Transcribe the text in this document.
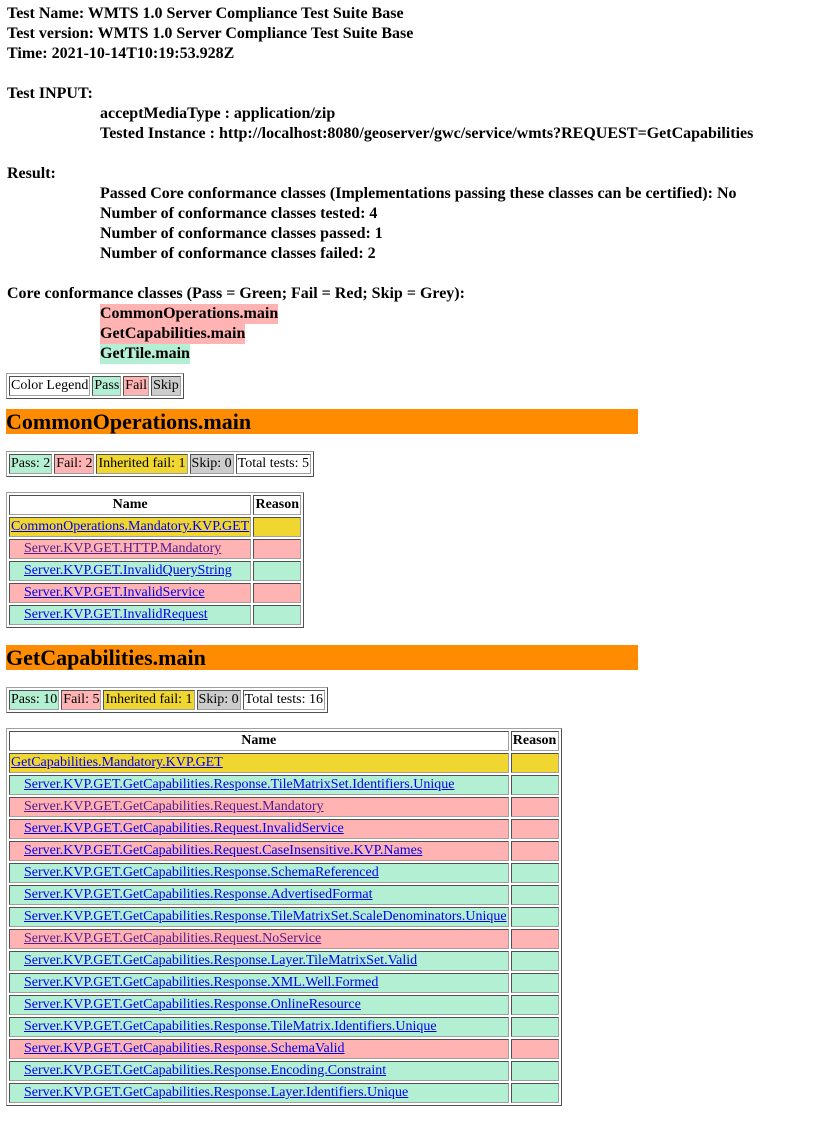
Test Name: WMTS 1.0 Server Compliance Test Suite Base
Test version: WMTS 1.0 Server Compliance Test Suite Base
Time: 2021-10-14T10:19:53.928Z
Test INPUT:
acceptMediaType : application/zip
Tested Instance : http://localhost:8080/geoserver/gwc/service/wmts?REQUEST=GetCapabilities
Result:
Passed Core conformance classes (Implementations passing these classes can be certified): No
Number of conformance classes tested: 4
Number of conformance classes passed: 1
Number of conformance classes failed: 2
Core conformance classes (Pass = Green; Fail = Red; Skip = Grey):
CommonOperations.main
GetCapabilities.main
GetTile.main
Color Legend	Pass	Fail	Skip
CommonOperations.main
Pass: 2	Fail: 2	Inherited fail: 1	Skip: 0	Total tests: 5
Name	Reason
CommonOperations.Mandatory.KVP.GET	
Server.KVP.GET.HTTP.Mandatory	
Server.KVP.GET.InvalidQueryString	
Server.KVP.GET.InvalidService	
Server.KVP.GET.InvalidRequest	
GetCapabilities.main
Pass: 10	Fail: 5	Inherited fail: 1	Skip: 0	Total tests: 16
Name	Reason
GetCapabilities.Mandatory.KVP.GET	
Server.KVP.GET.GetCapabilities.Response.TileMatrixSet.Identifiers.Unique	
Server.KVP.GET.GetCapabilities.Request.Mandatory	
Server.KVP.GET.GetCapabilities.Request.InvalidService	
Server.KVP.GET.GetCapabilities.Request.CaseInsensitive.KVP.Names	
Server.KVP.GET.GetCapabilities.Response.SchemaReferenced	
Server.KVP.GET.GetCapabilities.Response.AdvertisedFormat	
Server.KVP.GET.GetCapabilities.Response.TileMatrixSet.ScaleDenominators.Unique	
Server.KVP.GET.GetCapabilities.Request.NoService	
Server.KVP.GET.GetCapabilities.Response.Layer.TileMatrixSet.Valid	
Server.KVP.GET.GetCapabilities.Response.XML.Well.Formed	
Server.KVP.GET.GetCapabilities.Response.OnlineResource	
Server.KVP.GET.GetCapabilities.Response.TileMatrix.Identifiers.Unique	
Server.KVP.GET.GetCapabilities.Response.SchemaValid	
Server.KVP.GET.GetCapabilities.Response.Encoding.Constraint	
Server.KVP.GET.GetCapabilities.Response.Layer.Identifiers.Unique	
